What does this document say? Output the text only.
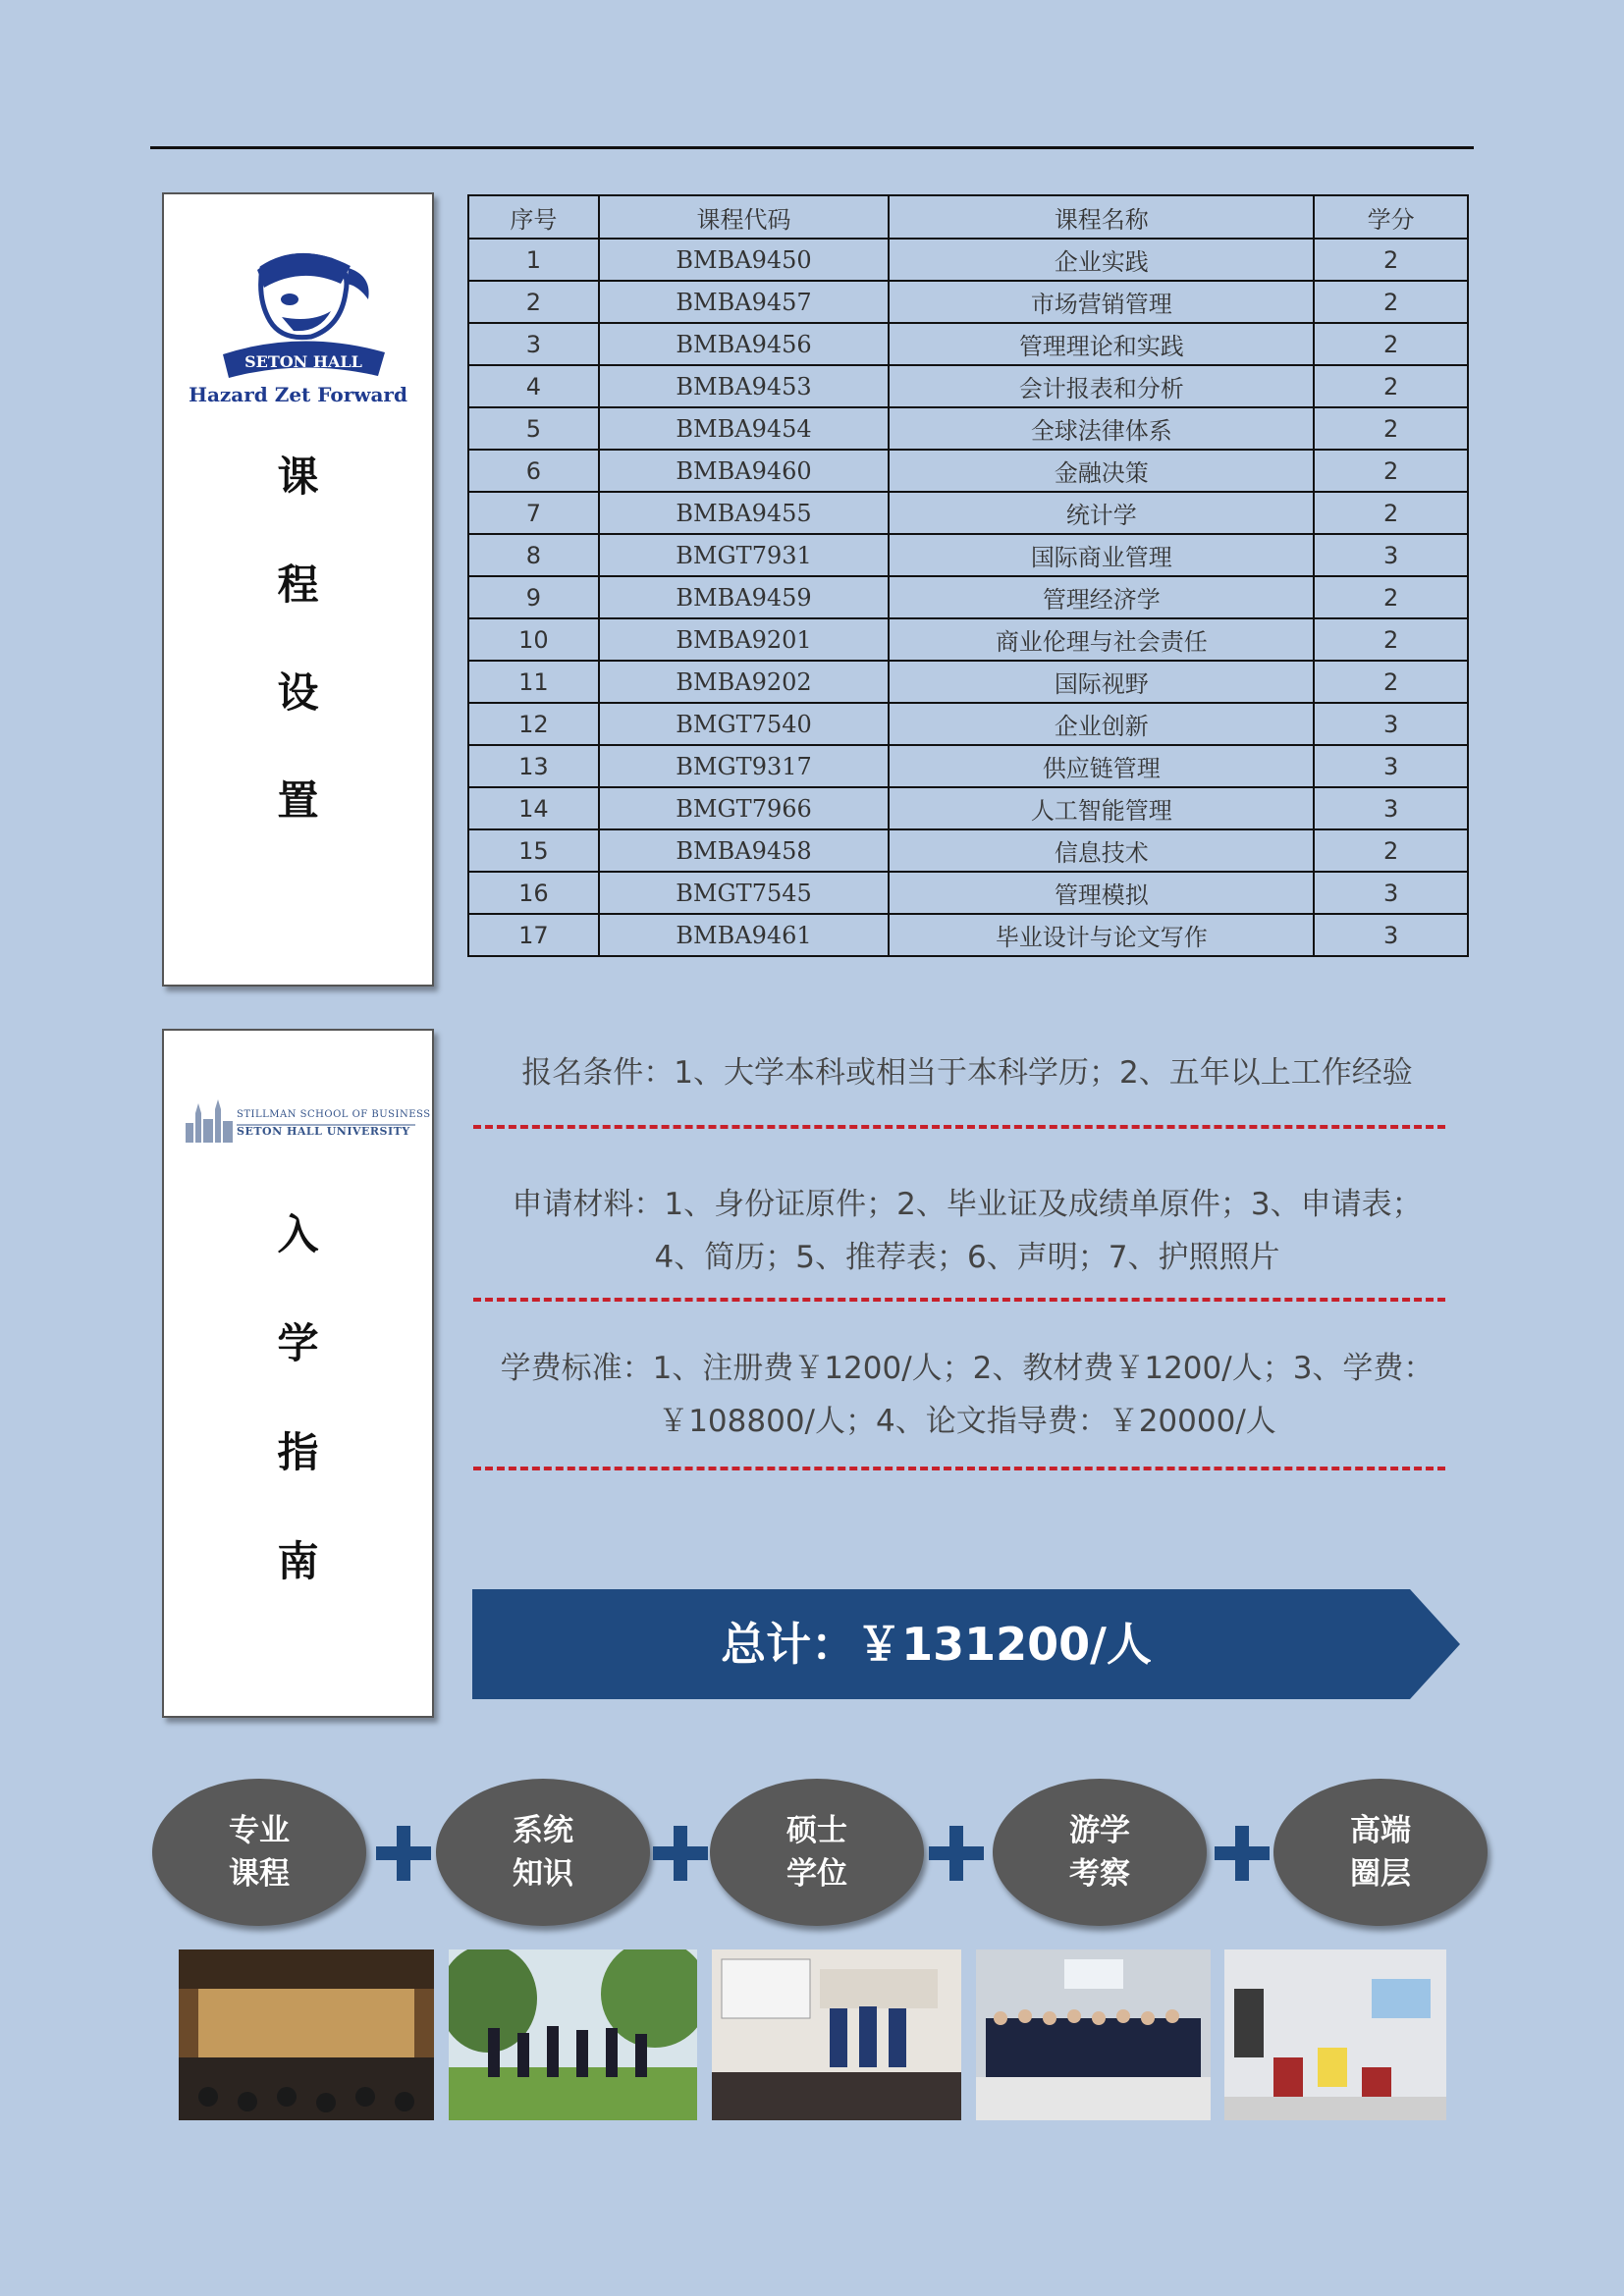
SETON HALL
Hazard Zet Forward
课
程
设
置
序号	课程代码	课程名称	学分
1	BMBA9450	企业实践	2
2	BMBA9457	市场营销管理	2
3	BMBA9456	管理理论和实践	2
4	BMBA9453	会计报表和分析	2
5	BMBA9454	全球法律体系	2
6	BMBA9460	金融决策	2
7	BMBA9455	统计学	2
8	BMGT7931	国际商业管理	3
9	BMBA9459	管理经济学	2
10	BMBA9201	商业伦理与社会责任	2
11	BMBA9202	国际视野	2
12	BMGT7540	企业创新	3
13	BMGT9317	供应链管理	3
14	BMGT7966	人工智能管理	3
15	BMBA9458	信息技术	2
16	BMGT7545	管理模拟	3
17	BMBA9461	毕业设计与论文写作	3
STILLMAN SCHOOL OF BUSINESS
SETON HALL UNIVERSITY
入
学
指
南
报名条件：1、大学本科或相当于本科学历；2、五年以上工作经验
申请材料：1、身份证原件；2、毕业证及成绩单原件；3、申请表；
4、简历；5、推荐表；6、声明；7、护照照片
学费标准：1、注册费￥1200/人；2、教材费￥1200/人；3、学费：
￥108800/人；4、论文指导费：￥20000/人
总计：￥131200/人
专业
课程
系统
知识
硕士
学位
游学
考察
高端
圈层
